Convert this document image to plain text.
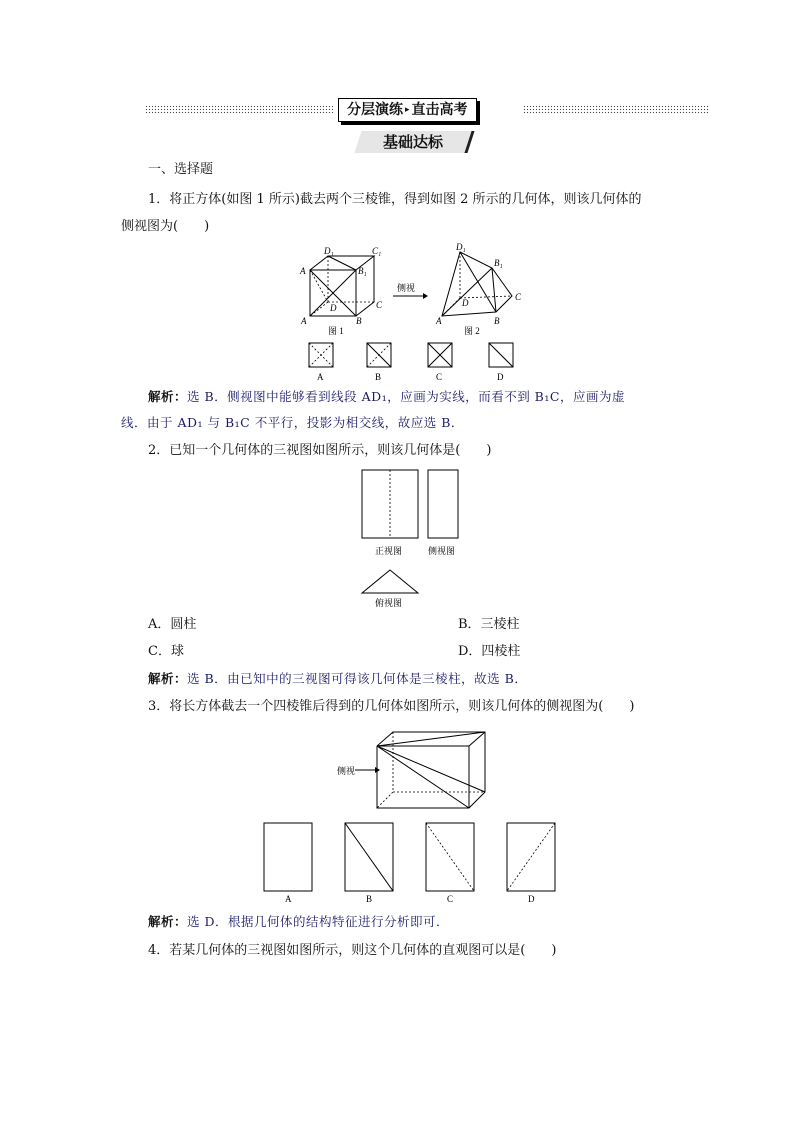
分层演练 ▸ 直击高考
基础达标
一、选择题
1．将正方体(如图 1 所示)截去两个三棱锥，得到如图 2 所示的几何体，则该几何体的
侧视图为(　　)
D₁	C₁
A	B₁
D	C
A	B
图 1
侧视
D₁
B₁
D
C
A	B
图 2
A	B	C	D
解析：选 B．侧视图中能够看到线段 AD₁，应画为实线，而看不到 B₁C，应画为虚
线．由于 AD₁ 与 B₁C 不平行，投影为相交线，故应选 B．
2．已知一个几何体的三视图如图所示，则该几何体是(　　)
正视图	侧视图
俯视图
A．圆柱	B．三棱柱
C．球	D．四棱柱
解析：选 B．由已知中的三视图可得该几何体是三棱柱，故选 B．
3．将长方体截去一个四棱锥后得到的几何体如图所示，则该几何体的侧视图为(　　)
侧视
A	B	C	D
解析：选 D．根据几何体的结构特征进行分析即可．
4．若某几何体的三视图如图所示，则这个几何体的直观图可以是(　　)
